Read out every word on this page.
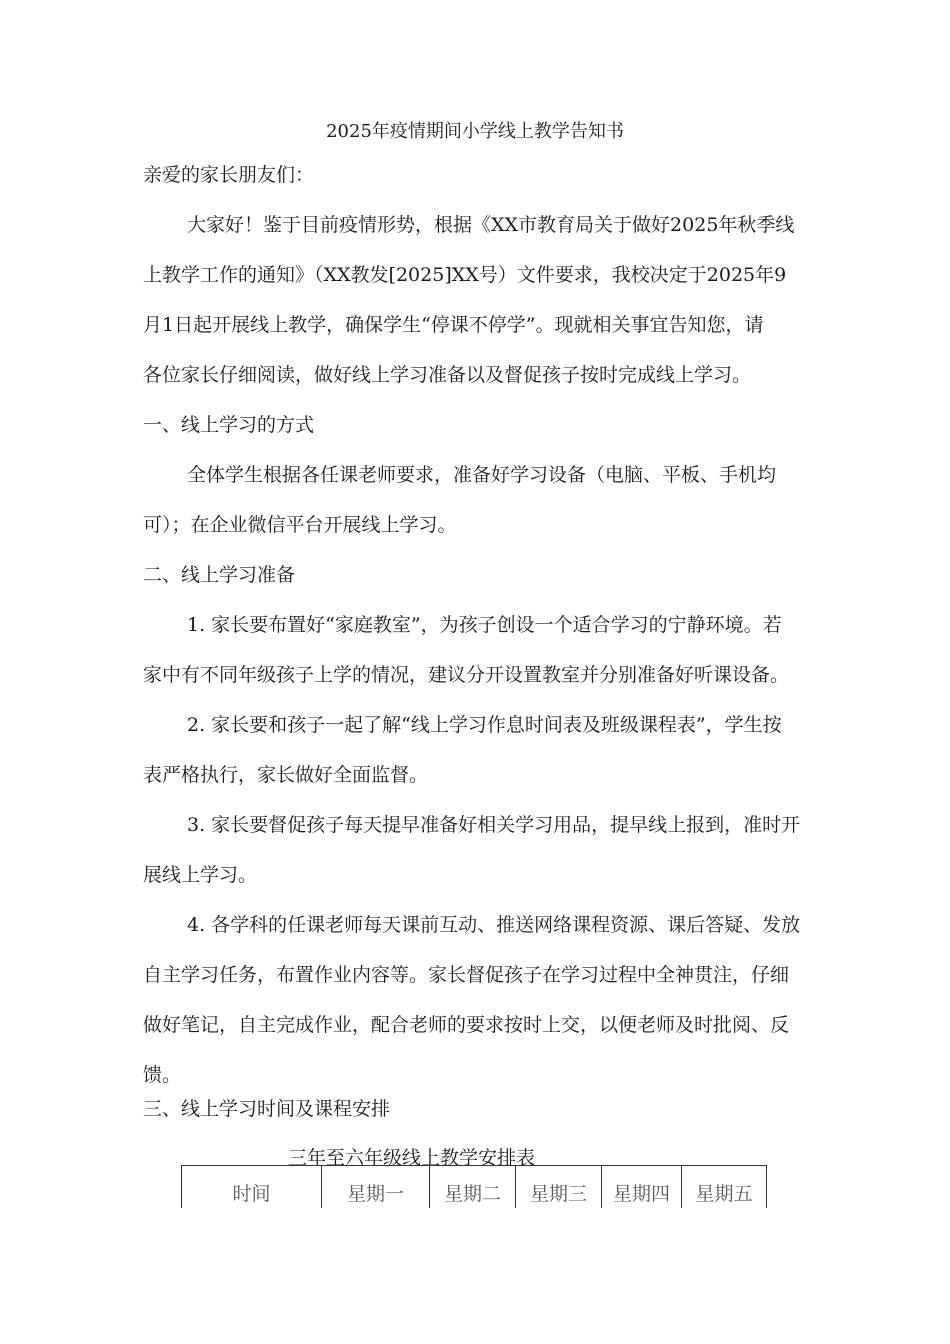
2025年疫情期间小学线上教学告知书
亲爱的家长朋友们：
大家好！鉴于目前疫情形势，根据《XX市教育局关于做好2025年秋季线
上教学工作的通知》（XX教发[2025]XX号）文件要求，我校决定于2025年9
月1日起开展线上教学，确保学生“停课不停学”。现就相关事宜告知您，请
各位家长仔细阅读，做好线上学习准备以及督促孩子按时完成线上学习。
一、线上学习的方式
全体学生根据各任课老师要求，准备好学习设备（电脑、平板、手机均
可）；在企业微信平台开展线上学习。
二、线上学习准备
1. 家长要布置好“家庭教室”，为孩子创设一个适合学习的宁静环境。若
家中有不同年级孩子上学的情况，建议分开设置教室并分别准备好听课设备。
2. 家长要和孩子一起了解“线上学习作息时间表及班级课程表”，学生按
表严格执行，家长做好全面监督。
3. 家长要督促孩子每天提早准备好相关学习用品，提早线上报到，准时开
展线上学习。
4. 各学科的任课老师每天课前互动、推送网络课程资源、课后答疑、发放
自主学习任务，布置作业内容等。家长督促孩子在学习过程中全神贯注，仔细
做好笔记，自主完成作业，配合老师的要求按时上交，以便老师及时批阅、反
馈。
三、线上学习时间及课程安排
三年至六年级线上教学安排表
时间	星期一	星期二	星期三	星期四	星期五
